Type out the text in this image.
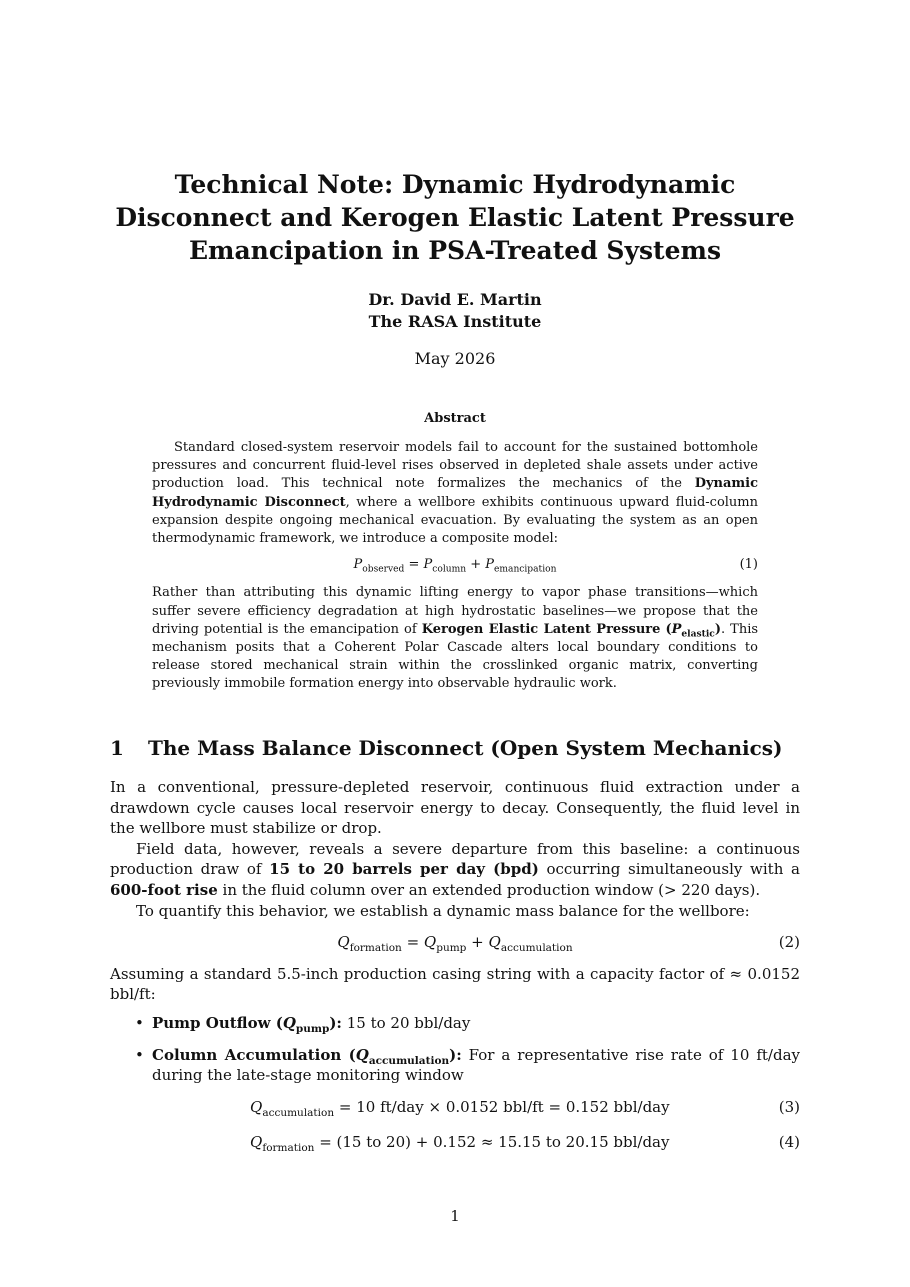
Technical Note: Dynamic Hydrodynamic Disconnect and Kerogen Elastic Latent Pressure Emancipation in PSA-Treated Systems
Dr. David E. Martin
The RASA Institute
May 2026
Abstract

Standard closed-system reservoir models fail to account for the sustained bottomhole pressures and concurrent fluid-level rises observed in depleted shale assets under active production load. This technical note formalizes the mechanics of the Dynamic Hydrodynamic Disconnect, where a wellbore exhibits continuous upward fluid-column expansion despite ongoing mechanical evacuation. By evaluating the system as an open thermodynamic framework, we introduce a composite model:

$P_{observed} = P_{column} + P_{emancipation}$	(1)

Rather than attributing this dynamic lifting energy to vapor phase transitions—which suffer severe efficiency degradation at high hydrostatic baselines—we propose that the driving potential is the emancipation of Kerogen Elastic Latent Pressure $(P_{elastic})$. This mechanism posits that a Coherent Polar Cascade alters local boundary conditions to release stored mechanical strain within the crosslinked organic matrix, converting previously immobile formation energy into observable hydraulic work.

1 The Mass Balance Disconnect (Open System Mechanics)

In a conventional, pressure-depleted reservoir, continuous fluid extraction under a drawdown cycle causes local reservoir energy to decay. Consequently, the fluid level in the wellbore must stabilize or drop.

Field data, however, reveals a severe departure from this baseline: a continuous production draw of 15 to 20 barrels per day (bpd) occurring simultaneously with a 600-foot rise in the fluid column over an extended production window (> 220 days).

To quantify this behavior, we establish a dynamic mass balance for the wellbore:

$Q_{formation} = Q_{pump} + Q_{accumulation}$	(2)

Assuming a standard 5.5-inch production casing string with a capacity factor of ≈ 0.0152 bbl/ft:

• Pump Outflow $(Q_{pump})$: 15 to 20 bbl/day
• Column Accumulation $(Q_{accumulation})$: For a representative rise rate of 10 ft/day during the late-stage monitoring window
$Q_{accumulation} = 10$ ft/day × 0.0152 bbl/ft = 0.152 bbl/day	(3)
$Q_{formation} = (15$ to 20) + 0.152 ≈ 15.15 to 20.15 bbl/day	(4)
1
